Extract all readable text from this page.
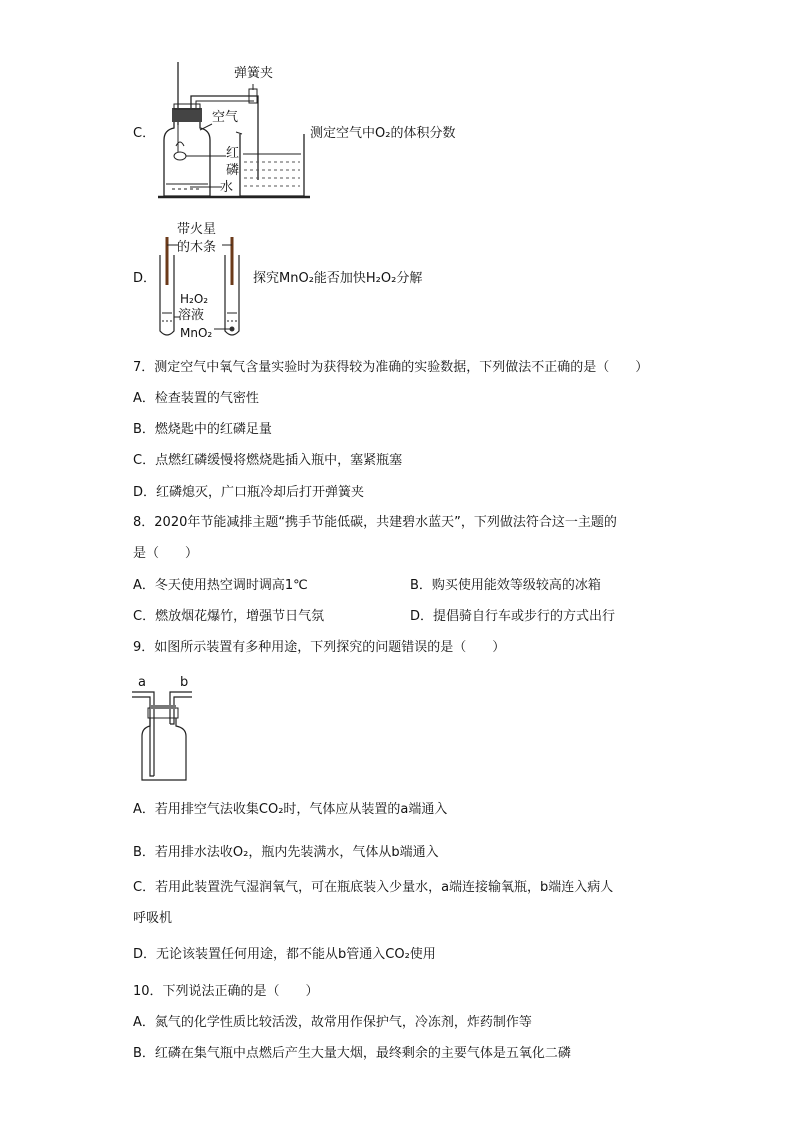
C．
弹簧夹
空气
红
磷
水
测定空气中O₂的体积分数
D．
带火星
的木条
H₂O₂
溶液
MnO₂
探究MnO₂能否加快H₂O₂分解
7．测定空气中氧气含量实验时为获得较为准确的实验数据，下列做法不正确的是（　　）
A．检查装置的气密性
B．燃烧匙中的红磷足量
C．点燃红磷缓慢将燃烧匙插入瓶中，塞紧瓶塞
D．红磷熄灭，广口瓶冷却后打开弹簧夹
8．2020年节能减排主题“携手节能低碳，共建碧水蓝天”，下列做法符合这一主题的
是（　　）
A．冬天使用热空调时调高1℃	B．购买使用能效等级较高的冰箱
C．燃放烟花爆竹，增强节日气氛	D．提倡骑自行车或步行的方式出行
9．如图所示装置有多种用途，下列探究的问题错误的是（　　）
a	b
A．若用排空气法收集CO₂时，气体应从装置的a端通入
B．若用排水法收O₂，瓶内先装满水，气体从b端通入
C．若用此装置洗气湿润氧气，可在瓶底装入少量水，a端连接输氧瓶，b端连入病人
呼吸机
D．无论该装置任何用途，都不能从b管通入CO₂使用
10．下列说法正确的是（　　）
A．氮气的化学性质比较活泼，故常用作保护气，冷冻剂，炸药制作等
B．红磷在集气瓶中点燃后产生大量大烟，最终剩余的主要气体是五氧化二磷
